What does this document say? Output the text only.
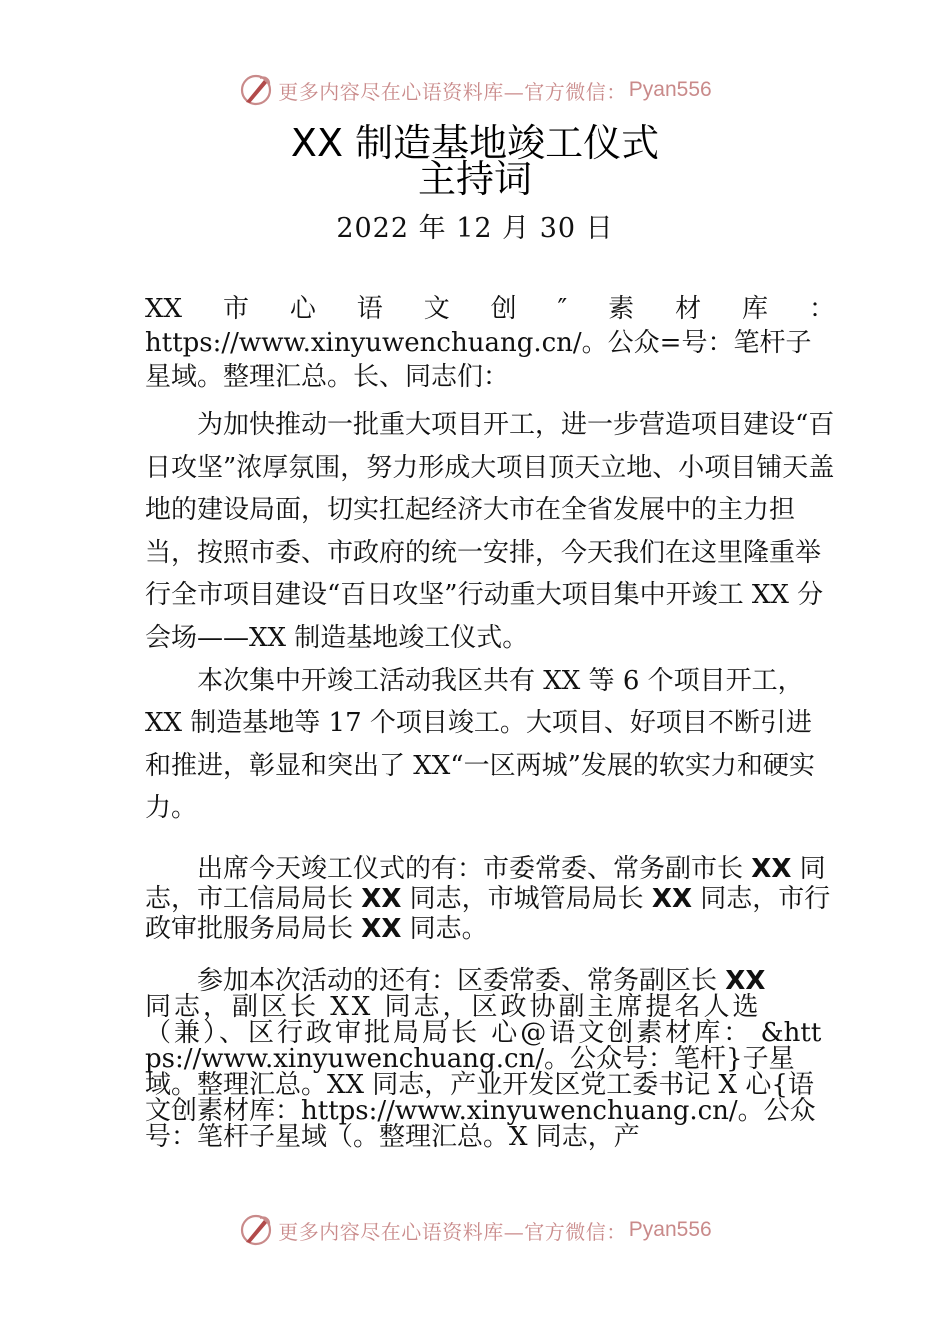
更多内容尽在心语资料库 —官方微信： Pyan556
XX 制造基地竣工仪式
主持词
2022 年 12 月 30 日

XX 市 心 语 文 创 ″ 素 材 库 ：
https://www.xinyuwenchuang.cn/。公众=号：笔杆子
星域。整理汇总。长、同志们：

为加快推动一批重大项目开工，进一步营造项目建设“百日攻坚”浓厚氛围，努力形成大项目顶天立地、小项目铺天盖地的建设局面，切实扛起经济大市在全省发展中的主力担当，按照市委、市政府的统一安排，今天我们在这里隆重举行全市项目建设“百日攻坚”行动重大项目集中开竣工 XX 分会场——XX 制造基地竣工仪式。

本次集中开竣工活动我区共有 XX 等 6 个项目开工，XX 制造基地等 17 个项目竣工。大项目、好项目不断引进和推进，彰显和突出了 XX“一区两城”发展的软实力和硬实力。

出席今天竣工仪式的有：市委常委、常务副市长 XX 同志，市工信局局长 XX 同志，市城管局局长 XX 同志，市行政审批服务局局长 XX 同志。

参加本次活动的还有：区委常委、常务副区长 XX
同志，副区长 XX 同志，区政协副主席提名人选（兼）、区行政审批局局长 心@语文创素材库： &https://www.xinyuwenchuang.cn/。公众号：笔杆}子星域。整理汇总。XX 同志，产业开发区党工委书记 X 心{语文创素材库：https://www.xinyuwenchuang.cn/。公众号：笔杆子星域（。整理汇总。X 同志，产

更多内容尽在心语资料库 —官方微信： Pyan556
